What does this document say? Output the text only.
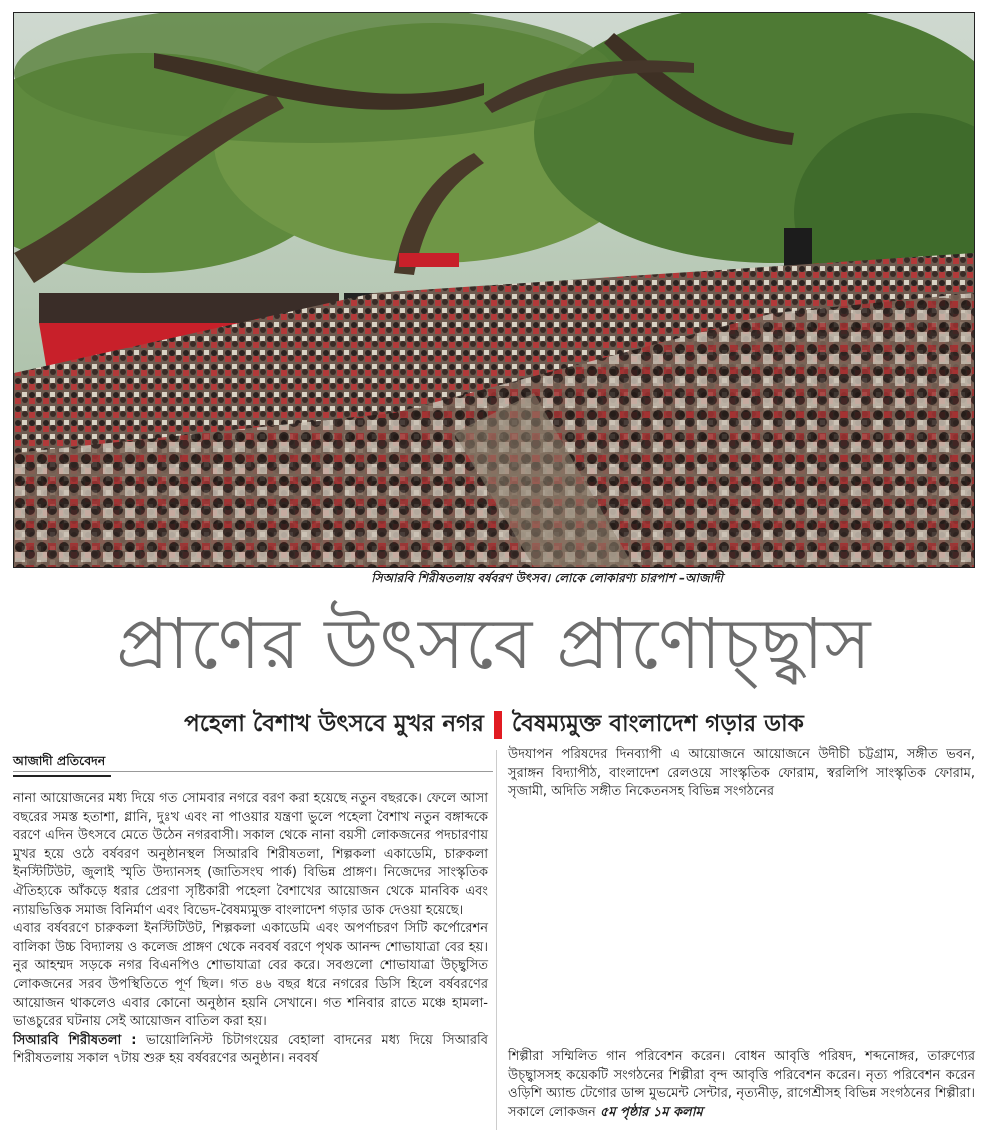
সিআরবি শিরীষতলায় বর্ষবরণ উৎসব। লোকে লোকারণ্য চারপাশ –আজাদী
প্রাণের উৎসবে প্রাণোচ্ছ্বাস
পহেলা বৈশাখ উৎসবে মুখর নগর বৈষম্যমুক্ত বাংলাদেশ গড়ার ডাক
আজাদী প্রতিবেদন

নানা আয়োজনের মধ্য দিয়ে গত সোমবার নগরে বরণ করা হয়েছে নতুন বছরকে। ফেলে আসা বছরের সমস্ত হতাশা, গ্লানি, দুঃখ এবং না পাওয়ার যন্ত্রণা ভুলে পহেলা বৈশাখ নতুন বঙ্গাব্দকে বরণে এদিন উৎসবে মেতে উঠেন নগরবাসী। সকাল থেকে নানা বয়সী লোকজনের পদচারণায় মুখর হয়ে ওঠে বর্ষবরণ অনুষ্ঠানস্থল সিআরবি শিরীষতলা, শিল্পকলা একাডেমি, চারুকলা ইনস্টিটিউট, জুলাই স্মৃতি উদ্যানসহ (জাতিসংঘ পার্ক) বিভিন্ন প্রাঙ্গণ। নিজেদের সাংস্কৃতিক ঐতিহ্যকে আঁকড়ে ধরার প্রেরণা সৃষ্টিকারী পহেলা বৈশাখের আয়োজন থেকে মানবিক এবং ন্যায়ভিত্তিক সমাজ বিনির্মাণ এবং বিভেদ-বৈষম্যমুক্ত বাংলাদেশ গড়ার ডাক দেওয়া হয়েছে।

এবার বর্ষবরণে চারুকলা ইনস্টিটিউট, শিল্পকলা একাডেমি এবং অপর্ণাচরণ সিটি কর্পোরেশন বালিকা উচ্চ বিদ্যালয় ও কলেজ প্রাঙ্গণ থেকে নববর্ষ বরণে পৃথক আনন্দ শোভাযাত্রা বের হয়। নুর আহম্মদ সড়কে নগর বিএনপিও শোভাযাত্রা বের করে। সবগুলো শোভাযাত্রা উচ্ছ্বসিত লোকজনের সরব উপস্থিতিতে পূর্ণ ছিল। গত ৪৬ বছর ধরে নগরের ডিসি হিলে বর্ষবরণের আয়োজন থাকলেও এবার কোনো অনুষ্ঠান হয়নি সেখানে। গত শনিবার রাতে মঞ্চে হামলা-ভাঙচুরের ঘটনায় সেই আয়োজন বাতিল করা হয়।

সিআরবি শিরীষতলা : ভায়োলিনিস্ট চিটাগংয়ের বেহালা বাদনের মধ্য দিয়ে সিআরবি শিরীষতলায় সকাল ৭টায় শুরু হয় বর্ষবরণের অনুষ্ঠান। নববর্ষ

উদযাপন পরিষদের দিনব্যাপী এ আয়োজনে আয়োজনে উদীচী চট্টগ্রাম, সঙ্গীত ভবন, সুরাঙ্গন বিদ্যাপীঠ, বাংলাদেশ রেলওয়ে সাংস্কৃতিক ফোরাম, স্বরলিপি সাংস্কৃতিক ফোরাম, সৃজামী, অদিতি সঙ্গীত নিকেতনসহ বিভিন্ন সংগঠনের

শিল্পীরা সম্মিলিত গান পরিবেশন করেন। বোধন আবৃত্তি পরিষদ, শব্দনোঙ্গর, তারুণ্যের উচ্ছ্বাসসহ কয়েকটি সংগঠনের শিল্পীরা বৃন্দ আবৃত্তি পরিবেশন করেন। নৃত্য পরিবেশন করেন ওড়িশি অ্যান্ড টেগোর ডান্স মুভমেন্ট সেন্টার, নৃত্যনীড়, রাগেশ্রীসহ বিভিন্ন সংগঠনের শিল্পীরা। সকালে লোকজন ৫ম পৃষ্ঠার ১ম কলাম
